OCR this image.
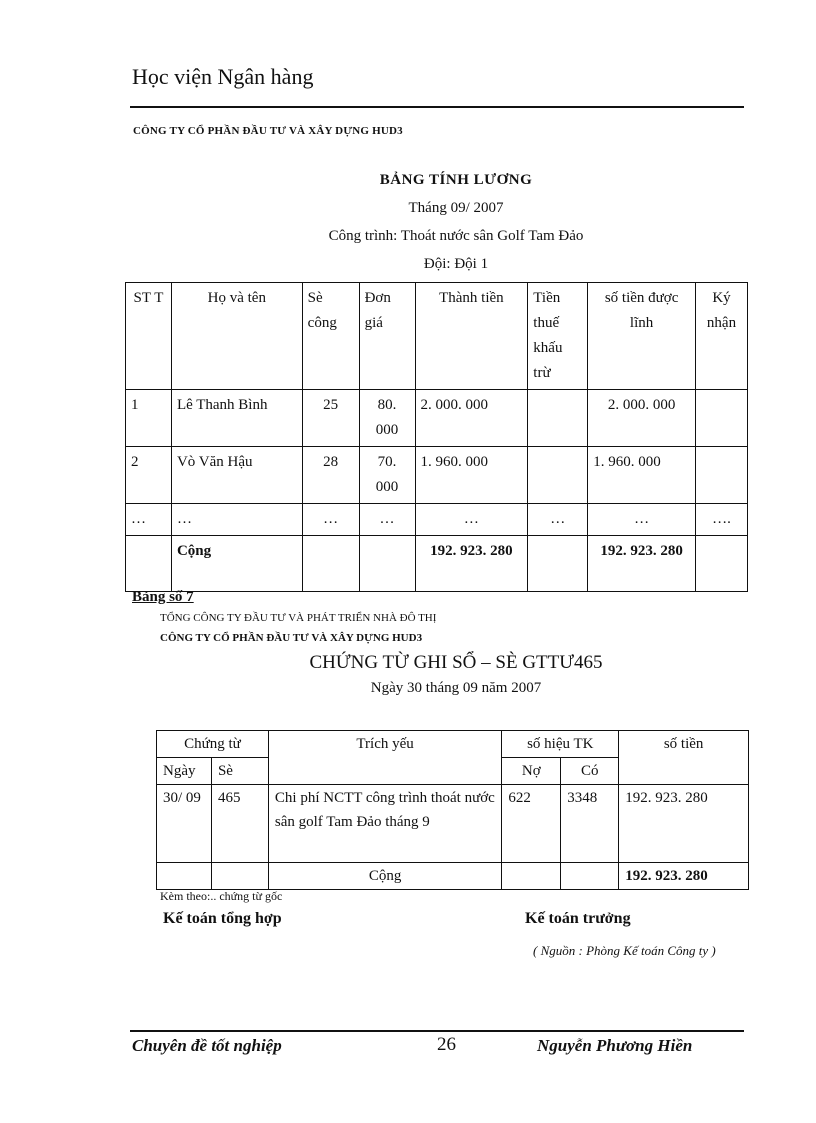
Học viện Ngân hàng
CÔNG TY CỔ PHẦN ĐẦU TƯ VÀ XÂY DỰNG HUD3
BẢNG TÍNH LƯƠNG
Tháng 09/ 2007
Công trình: Thoát nước sân Golf Tam Đảo
Đội: Đội 1
ST T	Họ và tên	Sè công	Đơn giá	Thành tiền	Tiền thuế khấu trừ	số tiền được lĩnh	Ký nhận
1	Lê Thanh Bình	25	80. 000	2. 000. 000		2. 000. 000	
2	Vò Văn Hậu	28	70. 000	1. 960. 000		1. 960. 000	
…	…	…	…	…	…	…	….
	Cộng			192. 923. 280		192. 923. 280	
Bảng số 7
TỔNG CÔNG TY ĐẦU TƯ VÀ PHÁT TRIỂN NHÀ ĐÔ THỊ
CÔNG TY CỔ PHẦN ĐẦU TƯ VÀ XÂY DỰNG HUD3
CHỨNG TỪ GHI SỔ – SÈ GTTƯ465
Ngày 30 tháng 09 năm 2007
Chứng từ		Trích yếu	số hiệu TK		số tiền
Ngày	Sè		Nợ	Có	
30/ 09	465	Chi phí NCTT công trình thoát nước sân golf Tam Đảo tháng 9	622	3348	192. 923. 280
		Cộng			192. 923. 280
Kèm theo:.. chứng từ gốc
Kế toán tổng hợp	Kế toán trưởng
( Nguồn : Phòng Kế toán Công ty )
Chuyên đề tốt nghiệp	26	Nguyễn Phương Hiền
